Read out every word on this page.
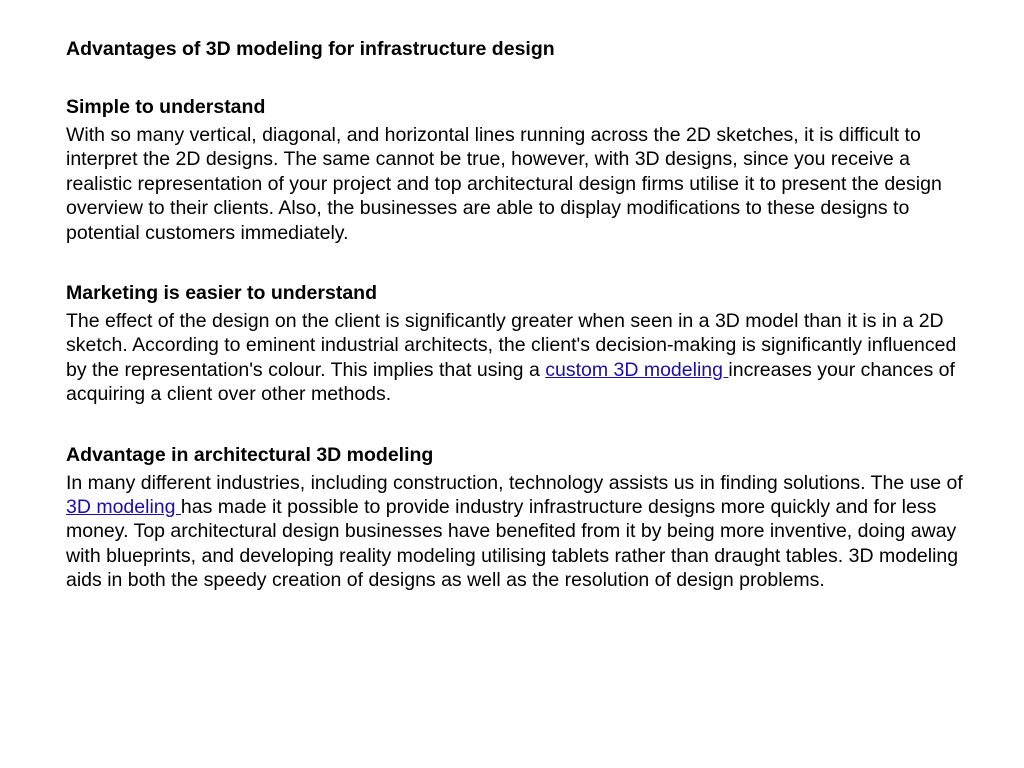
Advantages of 3D modeling for infrastructure design
Simple to understand

With so many vertical, diagonal, and horizontal lines running across the 2D sketches, it is difficult to interpret the 2D designs. The same cannot be true, however, with 3D designs, since you receive a realistic representation of your project and top architectural design firms utilise it to present the design overview to their clients. Also, the businesses are able to display modifications to these designs to potential customers immediately.

Marketing is easier to understand

The effect of the design on the client is significantly greater when seen in a 3D model than it is in a 2D sketch. According to eminent industrial architects, the client's decision-making is significantly influenced by the representation's colour. This implies that using a custom 3D modeling increases your chances of acquiring a client over other methods.

Advantage in architectural 3D modeling

In many different industries, including construction, technology assists us in finding solutions. The use of 3D modeling has made it possible to provide industry infrastructure designs more quickly and for less money. Top architectural design businesses have benefited from it by being more inventive, doing away with blueprints, and developing reality modeling utilising tablets rather than draught tables. 3D modeling aids in both the speedy creation of designs as well as the resolution of design problems.
